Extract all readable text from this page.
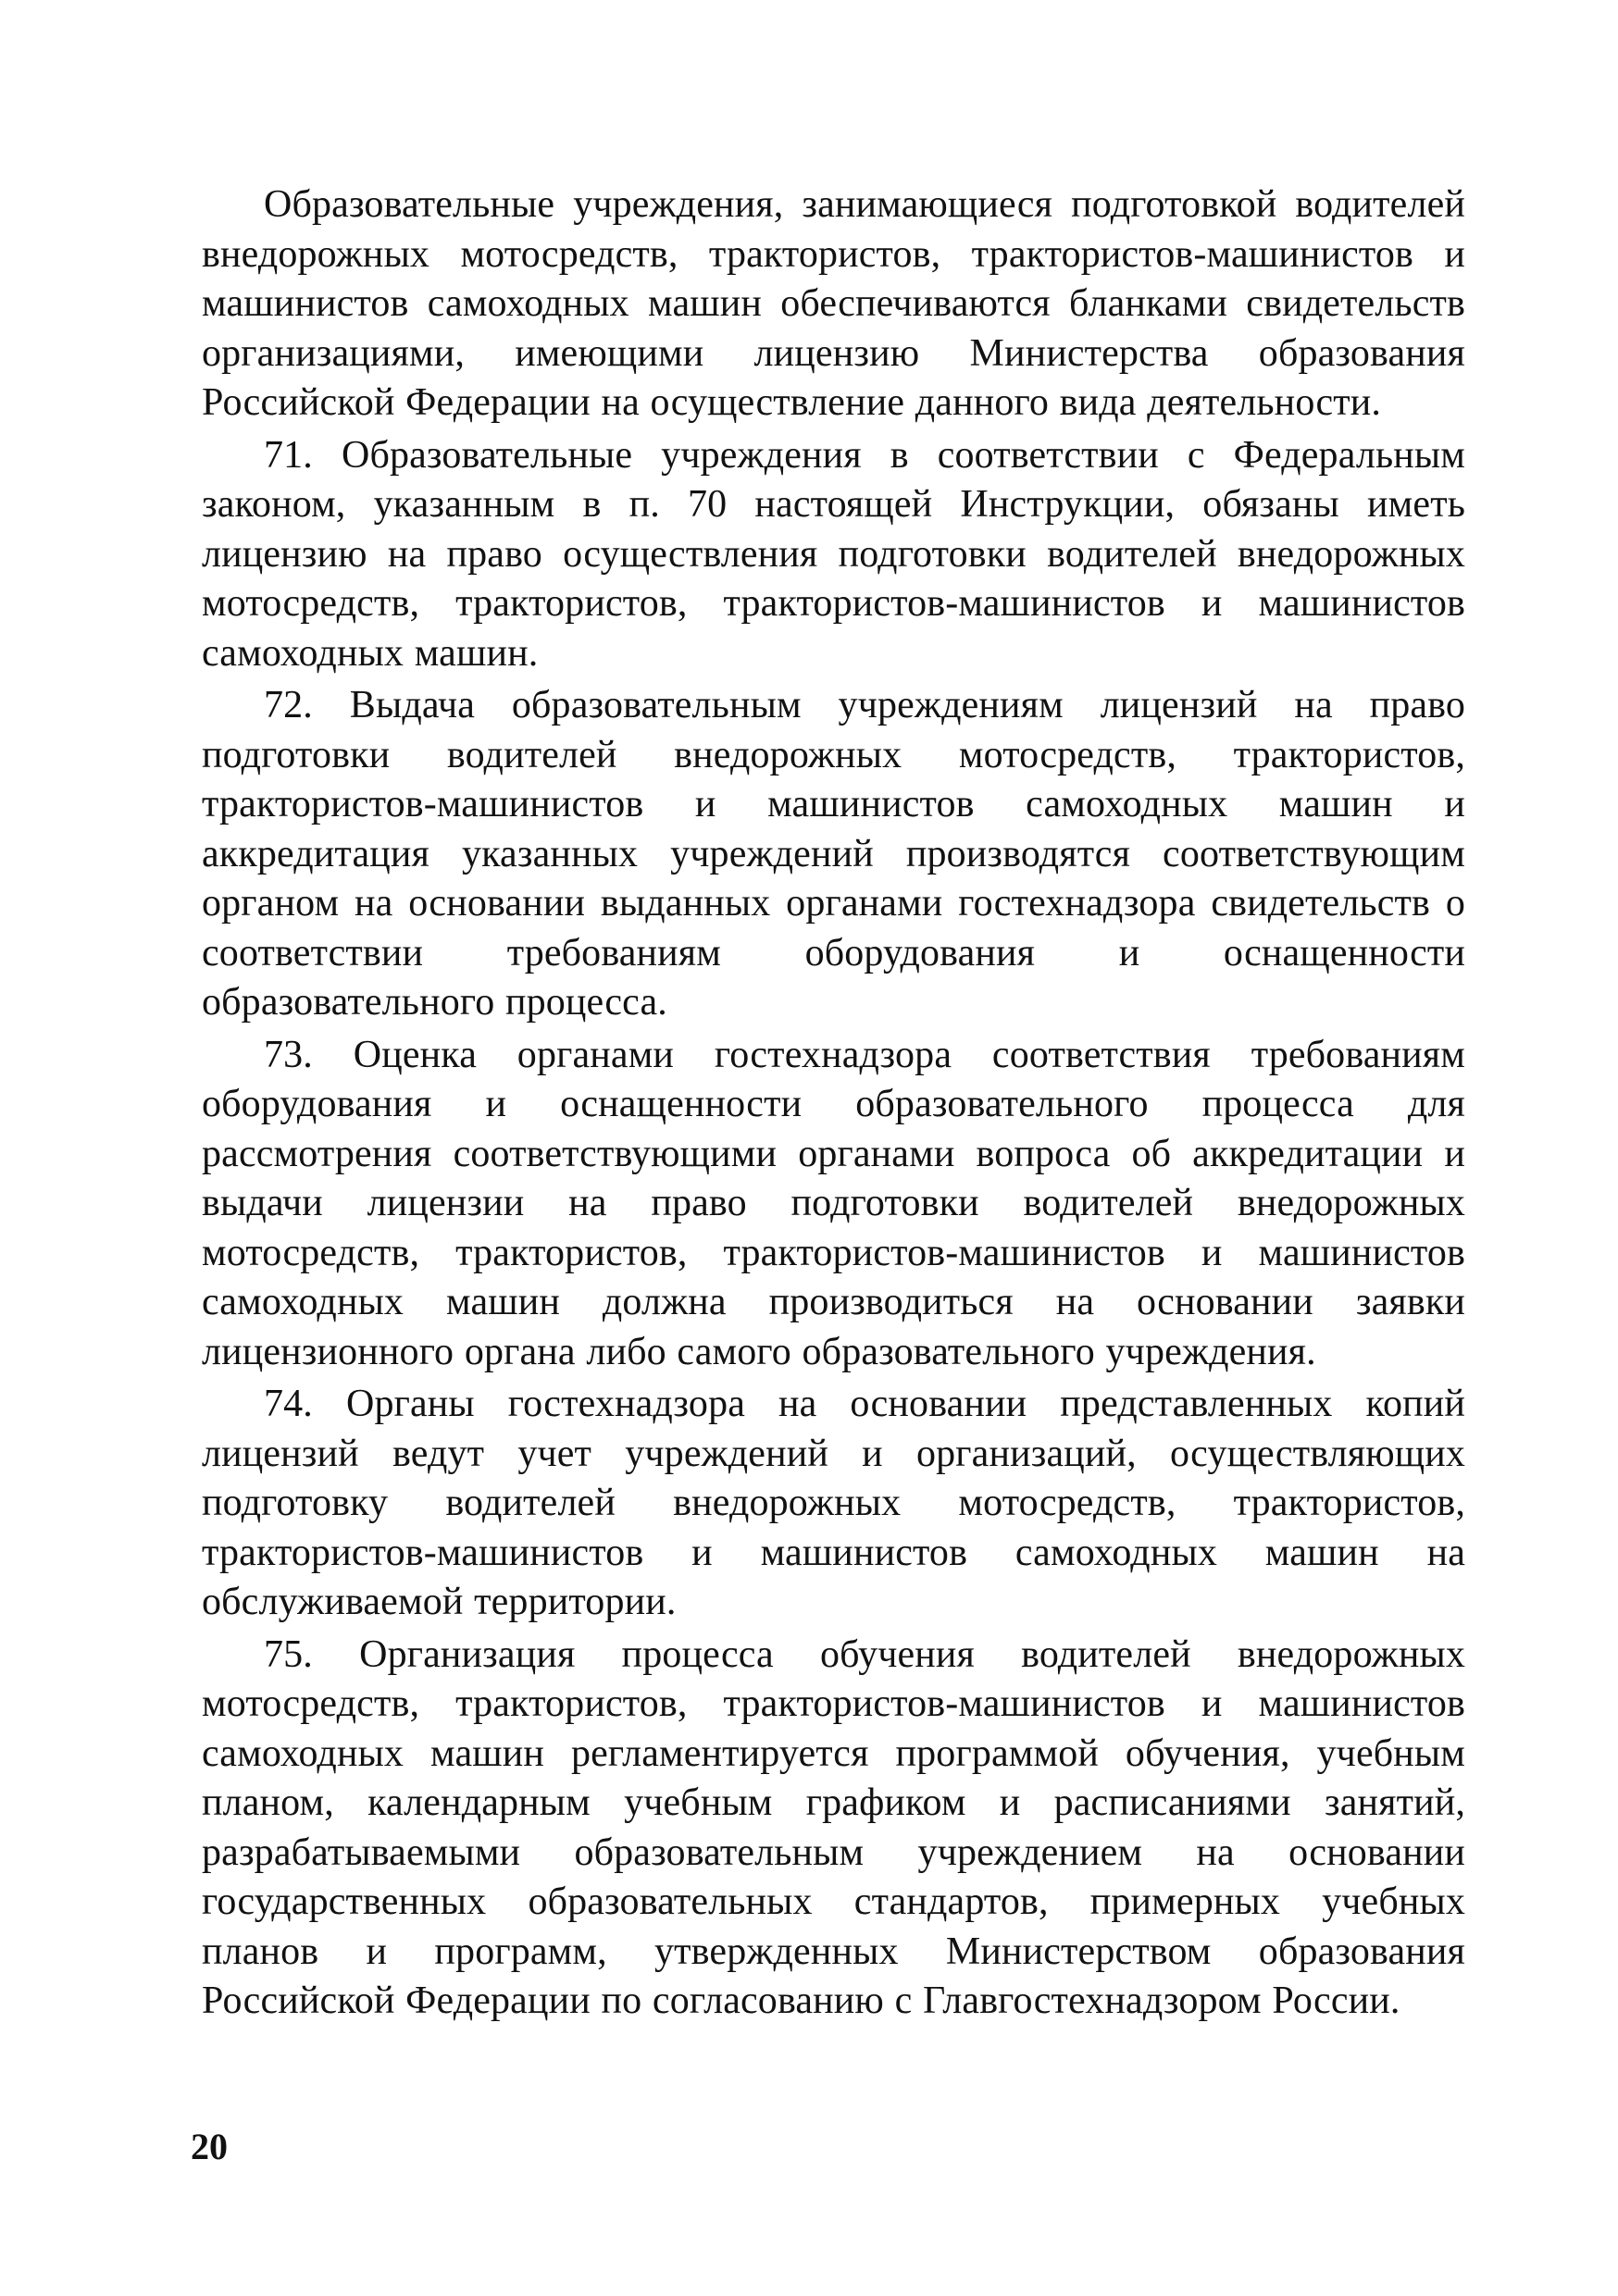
Образовательные учреждения, занимающиеся подготовкой водителей внедорожных мотосредств, трактористов, трактористов-машинистов и машинистов самоходных машин обеспечиваются бланками свидетельств организациями, имеющими лицензию Министерства образования Российской Федерации на осуществление данного вида деятельности.

71. Образовательные учреждения в соответствии с Федеральным законом, указанным в п. 70 настоящей Инструкции, обязаны иметь лицензию на право осуществления подготовки водителей внедорожных мотосредств, трактористов, трактористов-машинистов и машинистов самоходных машин.

72. Выдача образовательным учреждениям лицензий на право подготовки водителей внедорожных мотосредств, трактористов, трактористов-машинистов и машинистов самоходных машин и аккредитация указанных учреждений производятся соответствующим органом на основании выданных органами гостехнадзора свидетельств о соответствии требованиям оборудования и оснащенности образовательного процесса.

73. Оценка органами гостехнадзора соответствия требованиям оборудования и оснащенности образовательного процесса для рассмотрения соответствующими органами вопроса об аккредитации и выдачи лицензии на право подготовки водителей внедорожных мотосредств, трактористов, трактористов-машинистов и машинистов самоходных машин должна производиться на основании заявки лицензионного органа либо самого образовательного учреждения.

74. Органы гостехнадзора на основании представленных копий лицензий ведут учет учреждений и организаций, осуществляющих подготовку водителей внедорожных мотосредств, трактористов, трактористов-машинистов и машинистов самоходных машин на обслуживаемой территории.

75. Организация процесса обучения водителей внедорожных мотосредств, трактористов, трактористов-машинистов и машинистов самоходных машин регламентируется программой обучения, учебным планом, календарным учебным графиком и расписаниями занятий, разрабатываемыми образовательным учреждением на основании государственных образовательных стандартов, примерных учебных планов и программ, утвержденных Министерством образования Российской Федерации по согласованию с Главгостехнадзором России.

20
